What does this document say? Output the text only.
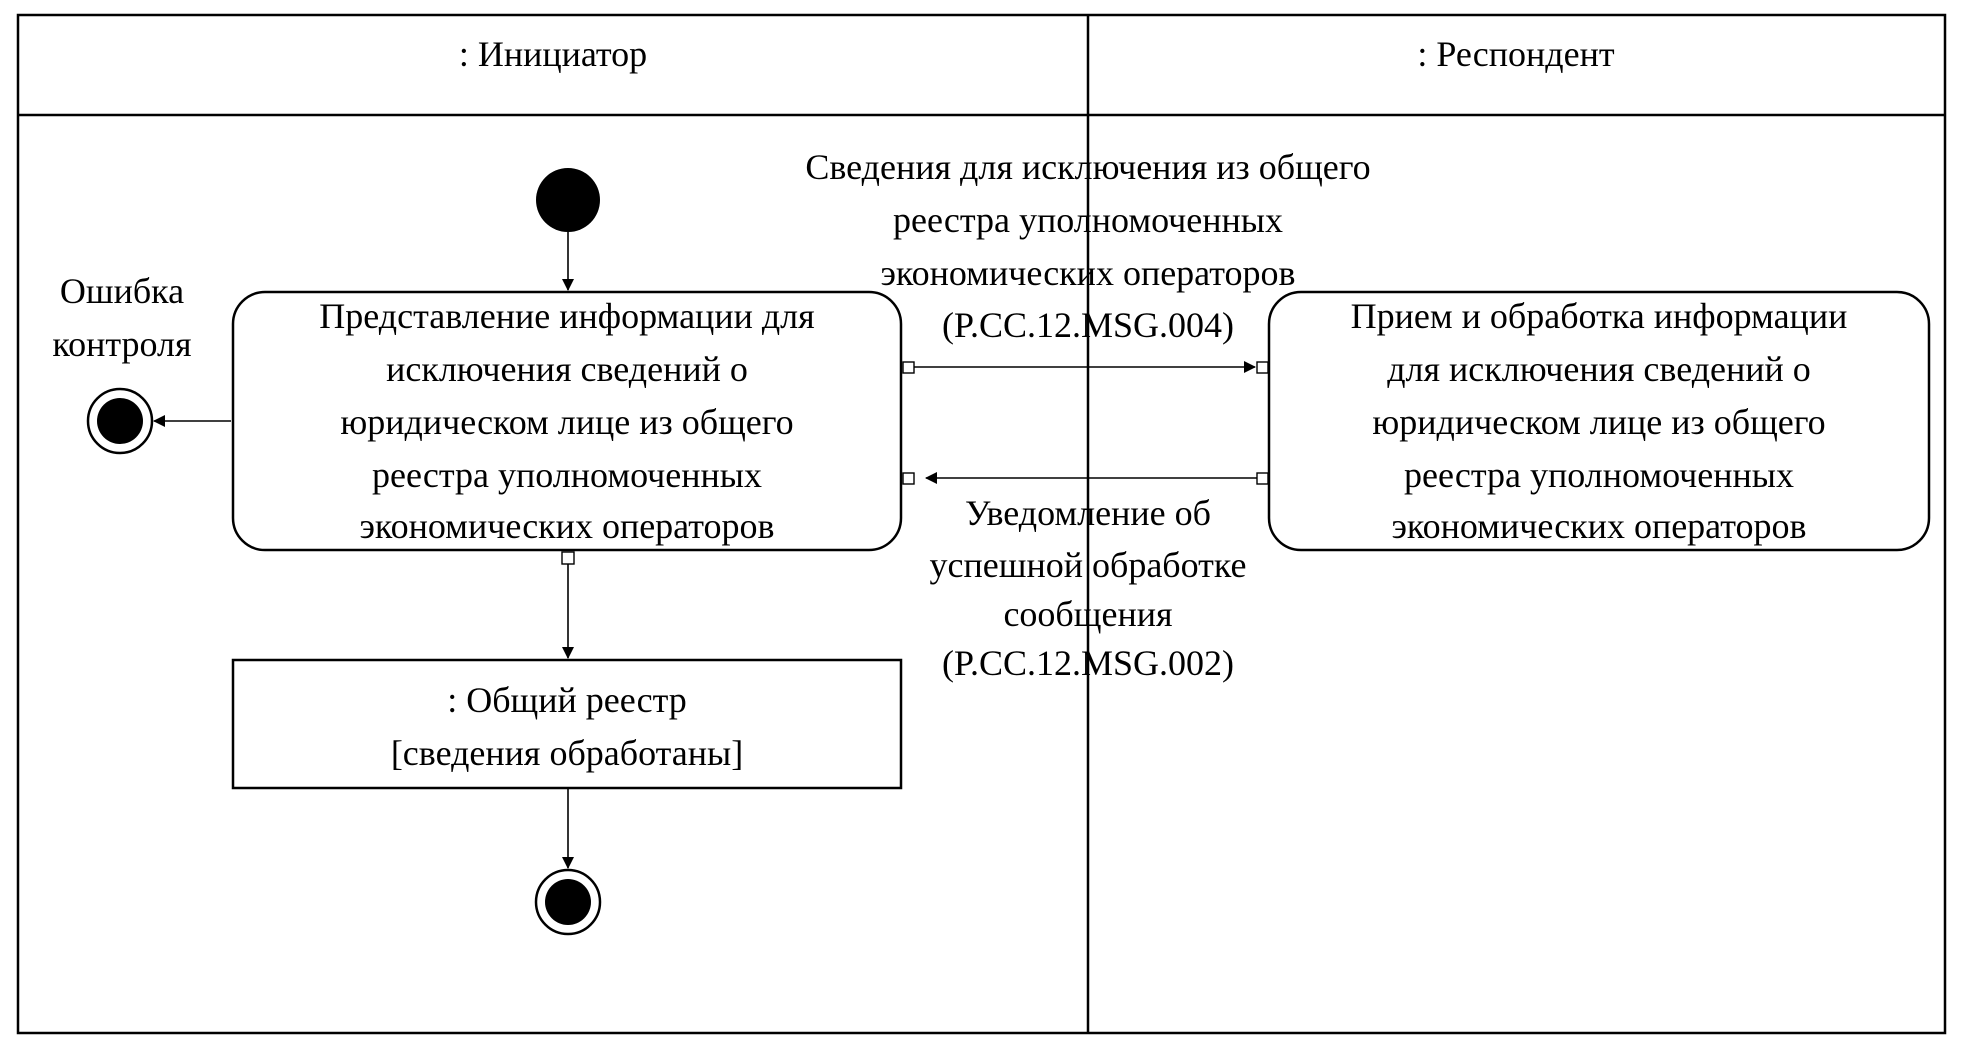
: Инициатор	: Респондент
Представление информации для
исключения сведений о
юридическом лице из общего
реестра уполномоченных
экономических операторов
Ошибка
контроля
Прием и обработка информации
для исключения сведений о
юридическом лице из общего
реестра уполномоченных
экономических операторов
Сведения для исключения из общего
реестра уполномоченных
экономических операторов
(P.CC.12.MSG.004)
Уведомление об
успешной обработке
сообщения
(P.CC.12.MSG.002)
: Общий реестр
[сведения обработаны]
